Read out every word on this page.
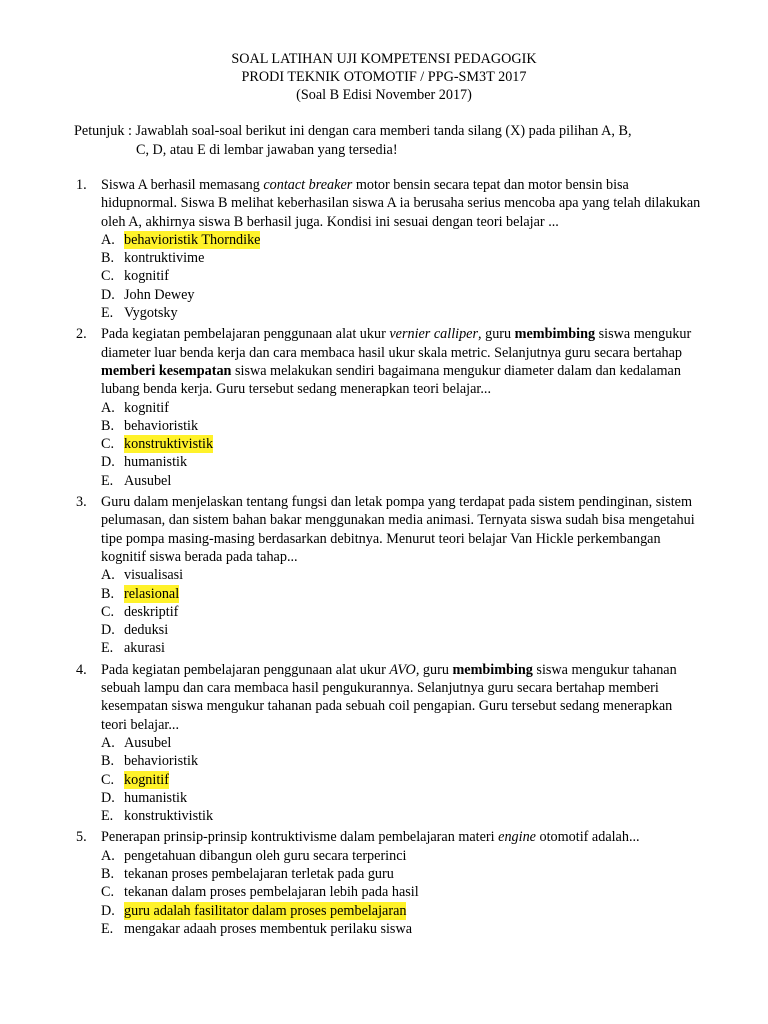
SOAL LATIHAN UJI KOMPETENSI PEDAGOGIK
PRODI TEKNIK OTOMOTIF / PPG-SM3T 2017
(Soal B Edisi November 2017)
Petunjuk : Jawablah soal-soal berikut ini dengan cara memberi tanda silang (X) pada pilihan A, B,
C, D, atau E di lembar jawaban yang tersedia!
1. Siswa A berhasil memasang contact breaker motor bensin secara tepat dan motor bensin bisa hidupnormal. Siswa B melihat keberhasilan siswa A ia berusaha serius mencoba apa yang telah dilakukan oleh A, akhirnya siswa B berhasil juga. Kondisi ini sesuai dengan teori belajar ...
A. behavioristik Thorndike
B. kontruktivime
C. kognitif
D. John Dewey
E. Vygotsky
2. Pada kegiatan pembelajaran penggunaan alat ukur vernier calliper, guru membimbing siswa mengukur diameter luar benda kerja dan cara membaca hasil ukur skala metric. Selanjutnya guru secara bertahap memberi kesempatan siswa melakukan sendiri bagaimana mengukur diameter dalam dan kedalaman lubang benda kerja. Guru tersebut sedang menerapkan teori belajar...
A. kognitif
B. behavioristik
C. konstruktivistik
D. humanistik
E. Ausubel
3. Guru dalam menjelaskan tentang fungsi dan letak pompa yang terdapat pada sistem pendinginan, sistem pelumasan, dan sistem bahan bakar menggunakan media animasi. Ternyata siswa sudah bisa mengetahui tipe pompa masing-masing berdasarkan debitnya. Menurut teori belajar Van Hickle perkembangan kognitif siswa berada pada tahap...
A. visualisasi
B. relasional
C. deskriptif
D. deduksi
E. akurasi
4. Pada kegiatan pembelajaran penggunaan alat ukur AVO, guru membimbing siswa mengukur tahanan sebuah lampu dan cara membaca hasil pengukurannya. Selanjutnya guru secara bertahap memberi kesempatan siswa mengukur tahanan pada sebuah coil pengapian. Guru tersebut sedang menerapkan teori belajar...
A. Ausubel
B. behavioristik
C. kognitif
D. humanistik
E. konstruktivistik
5. Penerapan prinsip-prinsip kontruktivisme dalam pembelajaran materi engine otomotif adalah...
A. pengetahuan dibangun oleh guru secara terperinci
B. tekanan proses pembelajaran terletak pada guru
C. tekanan dalam proses pembelajaran lebih pada hasil
D. guru adalah fasilitator dalam proses pembelajaran
E. mengakar adaah proses membentuk perilaku siswa
